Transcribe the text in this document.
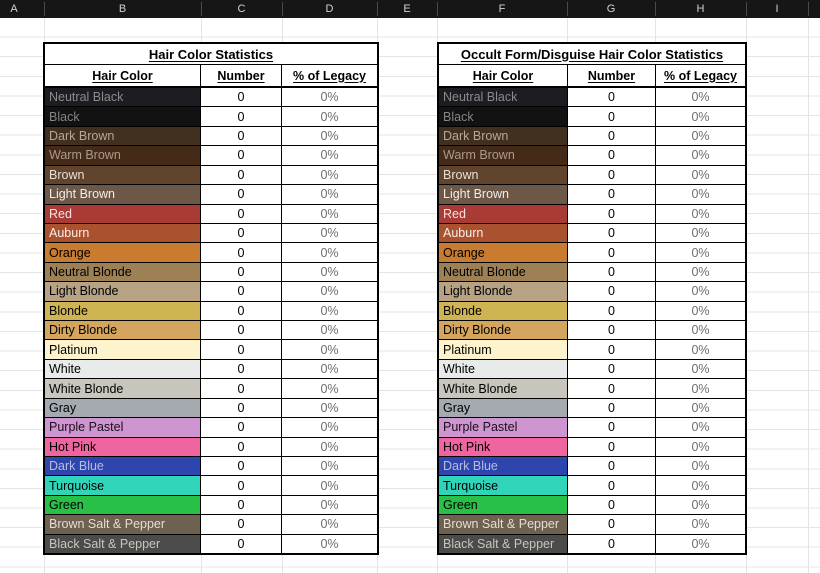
A	B	C	D	E	F	G	H	I
Hair Color Statistics
Hair Color	Number	% of Legacy
Neutral Black	0	0%
Black	0	0%
Dark Brown	0	0%
Warm Brown	0	0%
Brown	0	0%
Light Brown	0	0%
Red	0	0%
Auburn	0	0%
Orange	0	0%
Neutral Blonde	0	0%
Light Blonde	0	0%
Blonde	0	0%
Dirty Blonde	0	0%
Platinum	0	0%
White	0	0%
White Blonde	0	0%
Gray	0	0%
Purple Pastel	0	0%
Hot Pink	0	0%
Dark Blue	0	0%
Turquoise	0	0%
Green	0	0%
Brown Salt & Pepper	0	0%
Black Salt & Pepper	0	0%
Occult Form/Disguise Hair Color Statistics
Hair Color	Number	% of Legacy
Neutral Black	0	0%
Black	0	0%
Dark Brown	0	0%
Warm Brown	0	0%
Brown	0	0%
Light Brown	0	0%
Red	0	0%
Auburn	0	0%
Orange	0	0%
Neutral Blonde	0	0%
Light Blonde	0	0%
Blonde	0	0%
Dirty Blonde	0	0%
Platinum	0	0%
White	0	0%
White Blonde	0	0%
Gray	0	0%
Purple Pastel	0	0%
Hot Pink	0	0%
Dark Blue	0	0%
Turquoise	0	0%
Green	0	0%
Brown Salt & Pepper	0	0%
Black Salt & Pepper	0	0%
